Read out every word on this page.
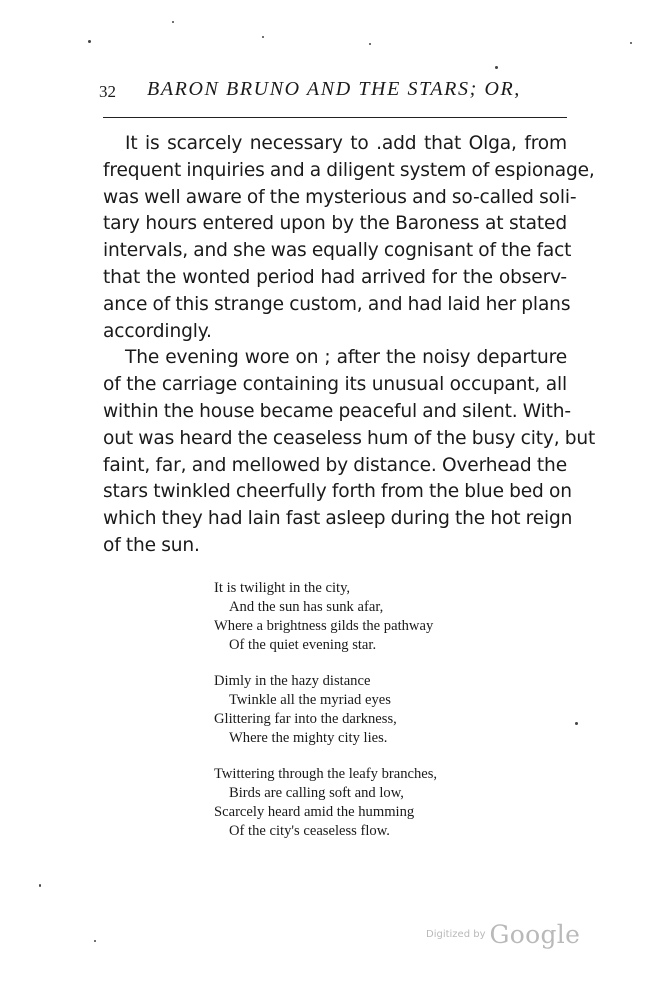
32 BARON BRUNO AND THE STARS; OR,

It is scarcely necessary to .add that Olga, from
frequent inquiries and a diligent system of espionage,
was well aware of the mysterious and so-called soli-
tary hours entered upon by the Baroness at stated
intervals, and she was equally cognisant of the fact
that the wonted period had arrived for the observ-
ance of this strange custom, and had laid her plans
accordingly.

The evening wore on ; after the noisy departure
of the carriage containing its unusual occupant, all
within the house became peaceful and silent. With-
out was heard the ceaseless hum of the busy city, but
faint, far, and mellowed by distance. Overhead the
stars twinkled cheerfully forth from the blue bed on
which they had lain fast asleep during the hot reign
of the sun.

It is twilight in the city,
And the sun has sunk afar,
Where a brightness gilds the pathway
Of the quiet evening star.
Dimly in the hazy distance
Twinkle all the myriad eyes
Glittering far into the darkness,
Where the mighty city lies.
Twittering through the leafy branches,
Birds are calling soft and low,
Scarcely heard amid the humming
Of the city's ceaseless flow.
Digitized by Google
